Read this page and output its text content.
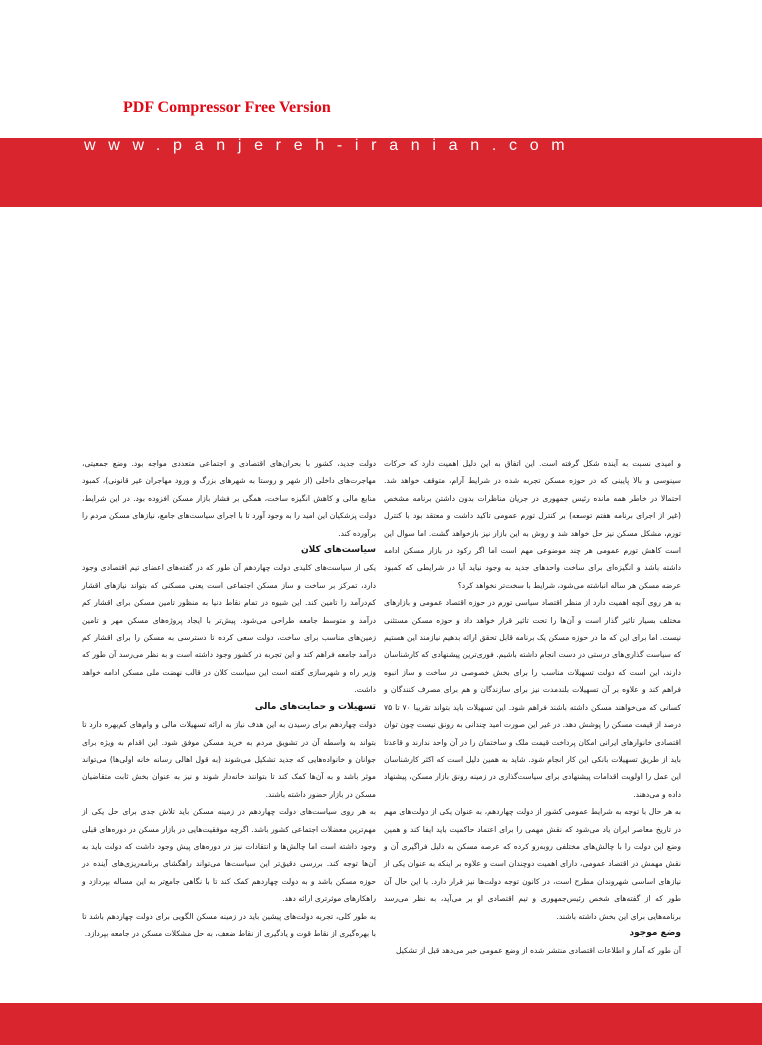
PDF Compressor Free Version
www.panjereh-iranian.com

و امیدی نسبت به آینده شکل گرفته است. این اتفاق به این دلیل اهمیت دارد که حرکات سینوسی و بالا پایینی که در حوزه مسکن تجربه شده در شرایط آرام، متوقف خواهد شد. احتمالا در خاطر همه مانده رئیس جمهوری در جریان مناظرات بدون داشتن برنامه مشخص (غیر از اجرای برنامه هفتم توسعه) بر کنترل تورم عمومی تاکید داشت و معتقد بود با کنترل تورم، مشکل مسکن نیز حل خواهد شد و روش به این بازار نیز بازخواهد گشت. اما سوال این است کاهش تورم عمومی هر چند موضوعی مهم است اما اگر رکود در بازار مسکن ادامه داشته باشد و انگیزه‌ای برای ساخت واحدهای جدید به وجود نیاید آیا در شرایطی که کمبود عرضه مسکن هر ساله انباشته می‌شود، شرایط با سخت‌تر نخواهد کرد؟

به هر روی آنچه اهمیت دارد از منظر اقتصاد سیاسی تورم در حوزه اقتصاد عمومی و بازارهای مختلف بسیار تاثیر گذار است و آن‌ها را تحت تاثیر قرار خواهد داد و حوزه مسکن مستثنی نیست. اما برای این که ما در حوزه مسکن یک برنامه قابل تحقق ارائه بدهیم نیازمند این هستیم که سیاست گذاری‌های درستی در دست انجام داشته باشیم. فوری‌ترین پیشنهادی که کارشناسان دارند، این است که دولت تسهیلات مناسب را برای بخش خصوصی در ساخت و ساز انبوه فراهم کند و علاوه بر آن تسهیلات بلندمدت نیز برای سازندگان و هم برای مصرف کنندگان و کسانی که می‌خواهند مسکن داشته باشند فراهم شود. این تسهیلات باید بتواند تقریبا ۷۰ تا ۷۵ درصد از قیمت مسکن را پوشش دهد. در غیر این صورت امید چندانی به رونق نیست چون توان اقتصادی خانوارهای ایرانی امکان پرداخت قیمت ملک و ساختمان را در آن واحد ندارند و قاعدتا باید از طریق تسهیلات بانکی این کار انجام شود. شاید به همین دلیل است که اکثر کارشناسان این عمل را اولویت اقدامات پیشنهادی برای سیاست‌گذاری در زمینه رونق بازار مسکن، پیشنهاد داده و می‌دهند.

به هر حال با توجه به شرایط عمومی کشور از دولت چهاردهم، به عنوان یکی از دولت‌های مهم در تاریخ معاصر ایران یاد می‌شود که نقش مهمی را برای اعتماد حاکمیت باید ایفا کند و همین وضع این دولت را با چالش‌های مختلفی روبه‌رو کرده که عرصه مسکن به دلیل فراگیری آن و نقش مهمش در اقتصاد عمومی، دارای اهمیت دوچندان است و علاوه بر اینکه به عنوان یکی از نیازهای اساسی شهروندان مطرح است، در کانون توجه دولت‌ها نیز قرار دارد. با این حال آن طور که از گفته‌های شخص رئیس‌جمهوری و تیم اقتصادی او بر می‌آید، به نظر می‌رسد برنامه‌هایی برای این بخش داشته باشند.

وضع موجود

آن طور که آمار و اطلاعات اقتصادی منتشر شده از وضع عمومی خبر می‌دهد قبل از تشکیل

دولت جدید، کشور با بحران‌های اقتصادی و اجتماعی متعددی مواجه بود. وضع جمعیتی، مهاجرت‌های داخلی (از شهر و روستا به شهرهای بزرگ و ورود مهاجران غیر قانونی)، کمبود منابع مالی و کاهش انگیزه ساخت، همگی بر فشار بازار مسکن افزوده بود. در این شرایط، دولت پزشکیان این امید را به وجود آورد تا با اجرای سیاست‌های جامع، نیازهای مسکن مردم را برآورده کند.

سیاست‌های کلان

یکی از سیاست‌های کلیدی دولت چهاردهم آن طور که در گفته‌های اعضای تیم اقتصادی وجود دارد، تمرکز بر ساخت و ساز مسکن اجتماعی است یعنی مسکنی که بتواند نیازهای اقشار کم‌درآمد را تامین کند. این شیوه در تمام نقاط دنیا به منظور تامین مسکن برای اقشار کم درآمد و متوسط جامعه طراحی می‌شود. پیش‌تر با ایجاد پروژه‌های مسکن مهر و تامین زمین‌های مناسب برای ساخت، دولت سعی کرده تا دسترسی به مسکن را برای اقشار کم درآمد جامعه فراهم کند و این تجربه در کشور وجود داشته است و به نظر می‌رسد آن طور که وزیر راه و شهرسازی گفته است این سیاست کلان در قالب نهضت ملی مسکن ادامه خواهد داشت.

تسهیلات و حمایت‌های مالی

دولت چهاردهم برای رسیدن به این هدف نیاز به ارائه تسهیلات مالی و وام‌های کم‌بهره دارد تا بتواند به واسطه آن در تشویق مردم به خرید مسکن موفق شود. این اقدام به ویژه برای جوانان و خانواده‌هایی که جدید تشکیل می‌شوند (به قول اهالی رسانه خانه اولی‌ها) می‌تواند موثر باشد و به آن‌ها کمک کند تا بتوانند خانه‌دار شوند و نیز به عنوان بخش ثابت متقاضیان مسکن در بازار حضور داشته باشند.

به هر روی سیاست‌های دولت چهاردهم در زمینه مسکن باید تلاش جدی برای حل یکی از مهم‌ترین معضلات اجتماعی کشور باشد. اگرچه موفقیت‌هایی در بازار مسکن در دوره‌های قبلی وجود داشته است اما چالش‌ها و انتقادات نیز در دوره‌های پیش وجود داشت که دولت باید به آن‌ها توجه کند. بررسی دقیق‌تر این سیاست‌ها می‌تواند راهگشای برنامه‌ریزی‌های آینده در حوزه مسکن باشد و به دولت چهاردهم کمک کند تا با نگاهی جامع‌تر به این مساله بپردازد و راهکارهای موثرتری ارائه دهد.

به طور کلی، تجربه دولت‌های پیشین باید در زمینه مسکن الگویی برای دولت چهاردهم باشد تا با بهره‌گیری از نقاط قوت و یادگیری از نقاط ضعف، به حل مشکلات مسکن در جامعه بپردازد.
